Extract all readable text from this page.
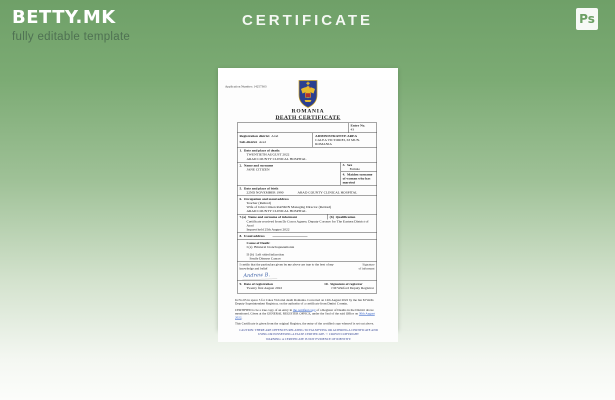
BETTY.MK
fully editable template
CERTIFICATE	Ps
Application Number: 14257363
ROMANIA
DEATH CERTIFICATE
Entry No.
43
Registration district Arad
Sub-district Arad
ADMINISTRATIVE AREA
CALEA VICTORIEI, 63 MUN. ROMANIA
1.  Date and place of death:
TWENTIETH AUGUST 2022
ARAD COUNTY CLINICAL HOSPITAL
2.  Name and surname
JANE CITIZEN
3.  Sex
Female
4.  Maiden surname of woman who has married
5.  Date and place of birth
22ND NOVEMBER 1990 ARAD COUNTY CLINICAL HOSPITAL
6.  Occupation and usual address
Teacher (Retired)
Wife of John Citizen RANKIN Managing Director (Retired)
ARAD COUNTY CLINICAL HOSPITAL
7.(a)  Name and surname of informant	(b)  Qualification
Certificate received from Dr Conor Agnew, Deputy Coroner for The Eastern District of Arad
Inquest held 25th August 2022
8.  Usual address
Cause of Death:
I (a)  Bilateral bronchopneumonia
II (b)  Left sided infarction
Senile Disease Cancer
I certify that the particulars given by me above are true to the best of my knowledge and belief
Andrew B.
Signature
of informant
9.  Date of registration
Twenty first August 2022
10.  Signature of registrar
J M Winford Deputy Registrar

In No 65 in space 5 for Calea Victoriei death Romania. Corrected on 12th August 2022 by me Ian M Wells Deputy Superintendent Registrar, on the authority of a certificate from Dmitri Cosmin.

CERTIFIED to be a true copy of an entry in the certified copy of a Register of Deaths in the District above mentioned. Given at the GENERAL REGISTER OFFICE, under the Seal of the said Office on 30th August 2022.

This Certificate is given from the original Register, the entry of the certified copy whereof is set out above.

CAUTION: THERE ARE OFFENCES RELATING TO FALSIFYING OR ALTERING A CERTIFICATE AND USING OR POSSESSING A FALSE CERTIFICATE. © CROWN COPYRIGHT
WARNING: A CERTIFICATE IS NOT EVIDENCE OF IDENTITY.
